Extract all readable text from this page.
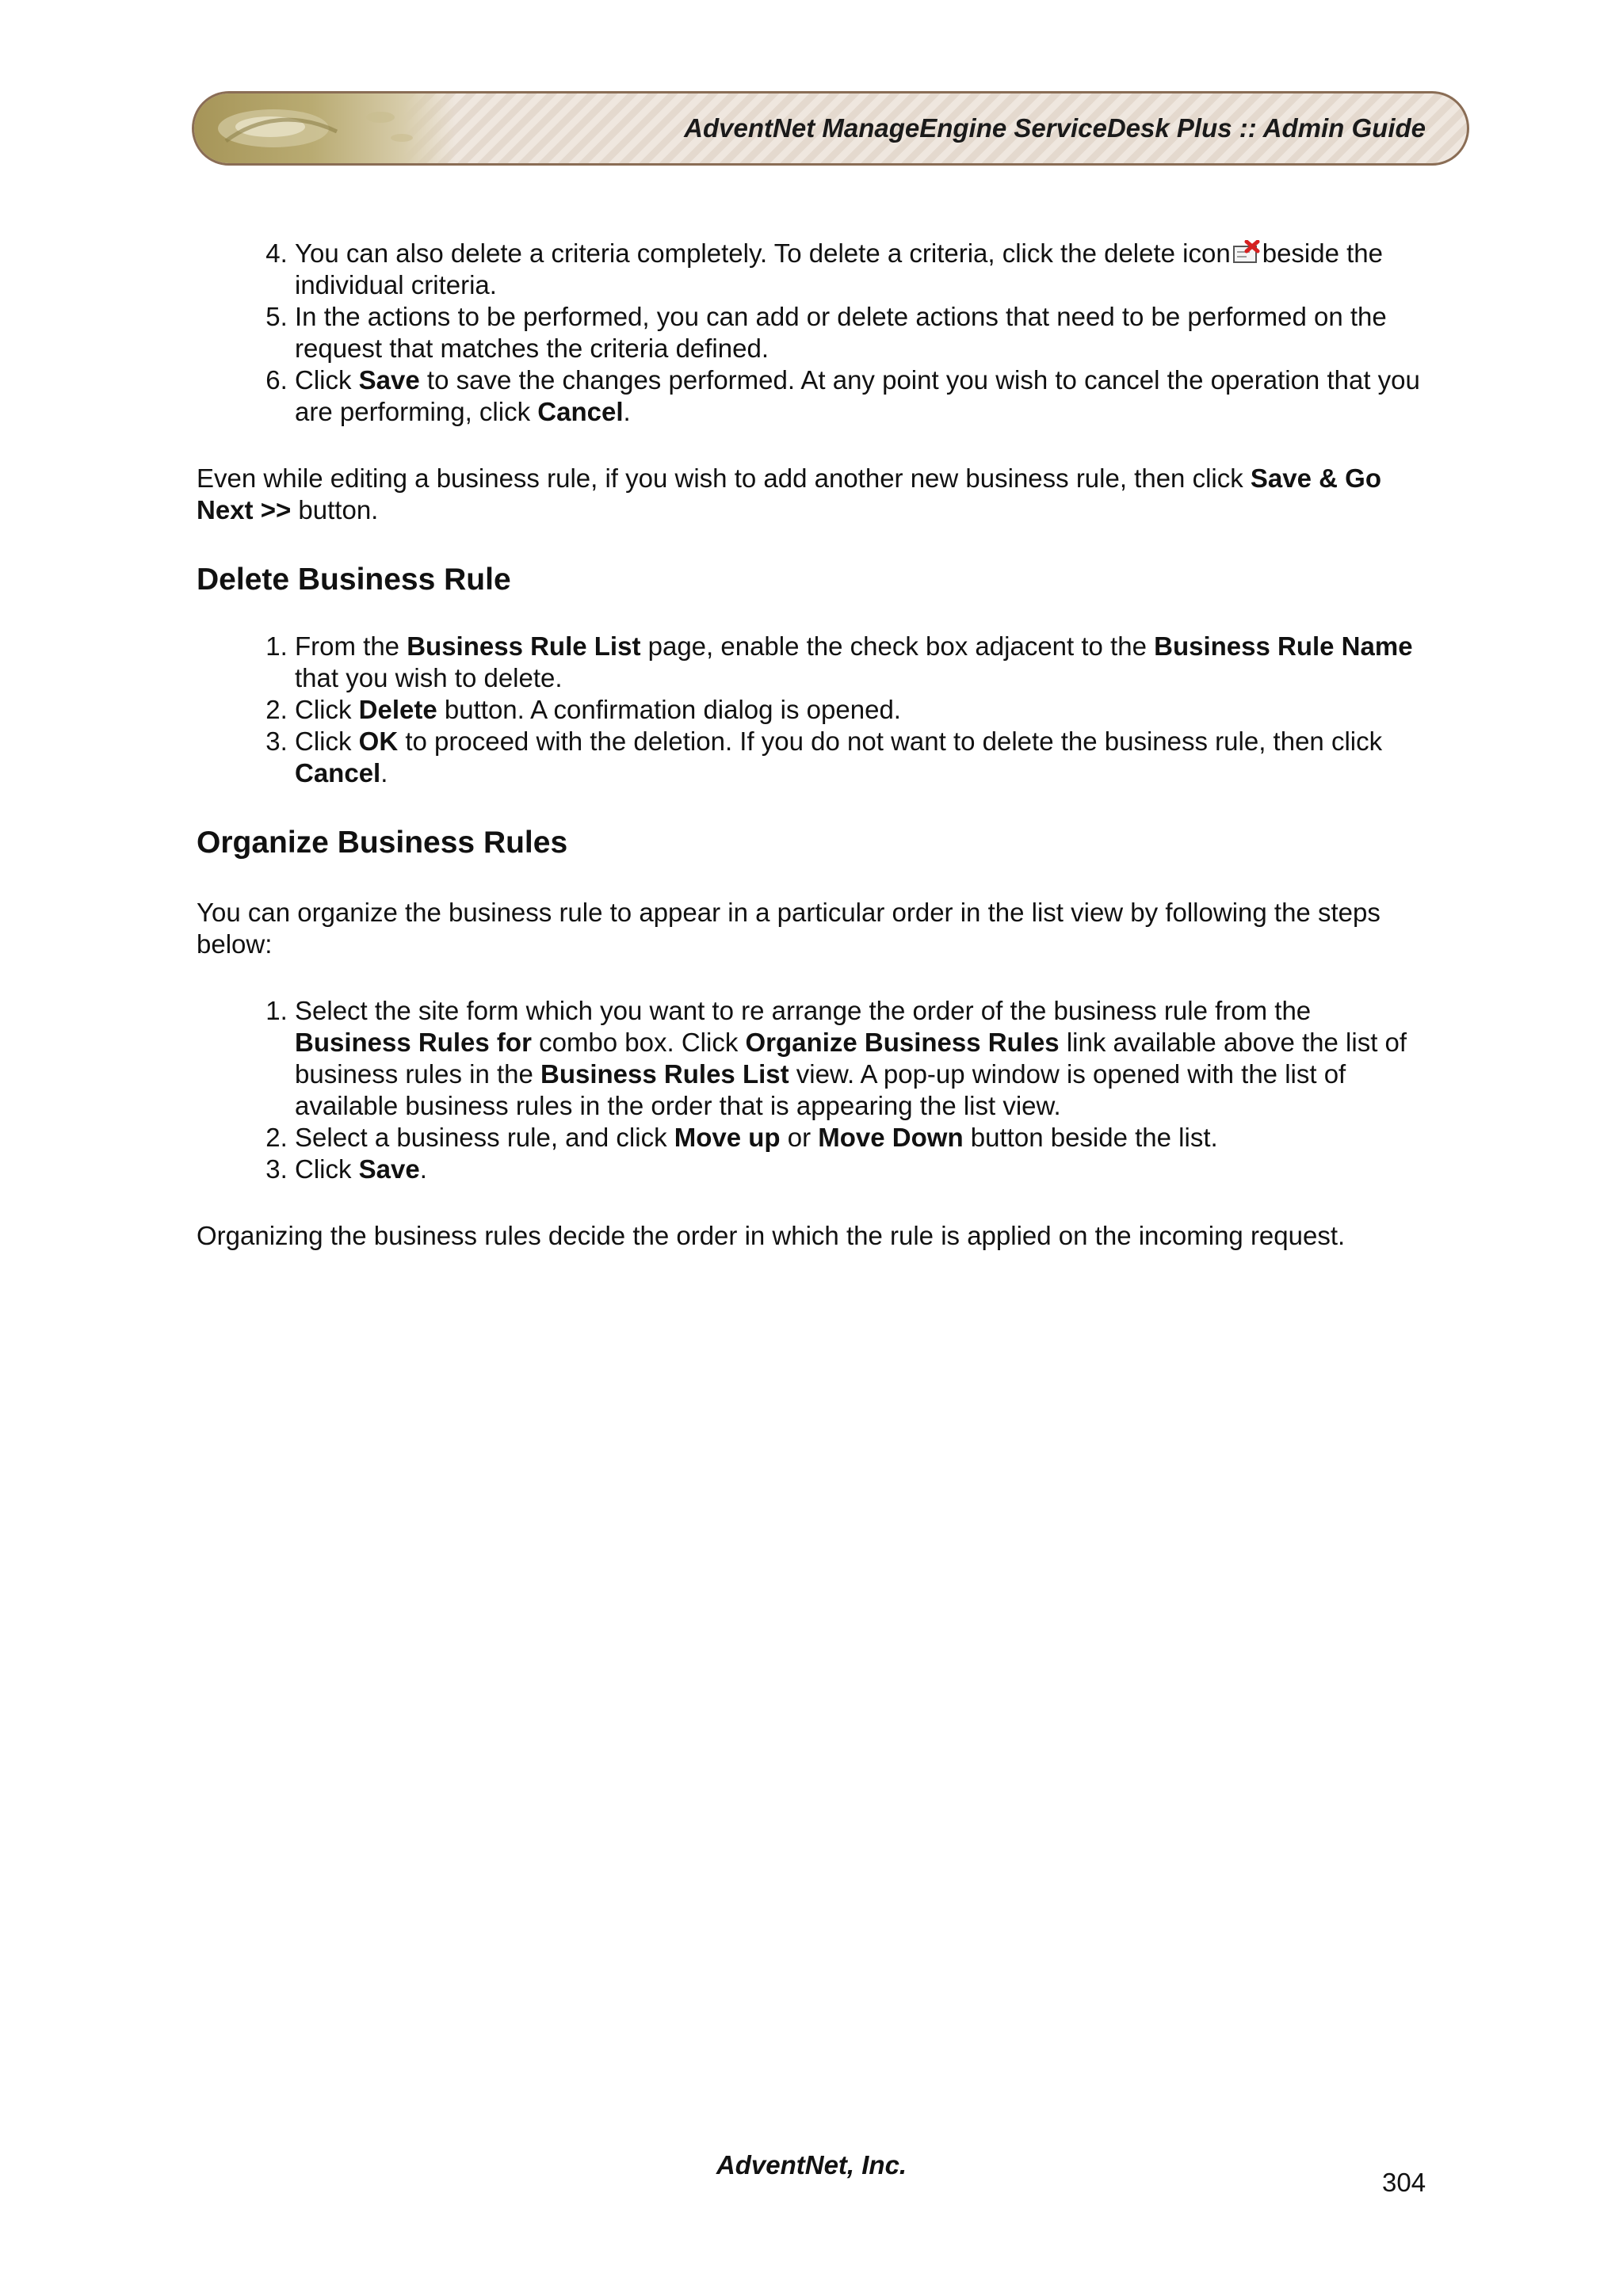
AdventNet ManageEngine ServiceDesk Plus :: Admin Guide
4. You can also delete a criteria completely. To delete a criteria, click the delete icon beside the individual criteria.
5. In the actions to be performed, you can add or delete actions that need to be performed on the request that matches the criteria defined.
6. Click Save to save the changes performed. At any point you wish to cancel the operation that you are performing, click Cancel.

Even while editing a business rule, if you wish to add another new business rule, then click Save & Go Next >> button.

Delete Business Rule
1. From the Business Rule List page, enable the check box adjacent to the Business Rule Name that you wish to delete.
2. Click Delete button. A confirmation dialog is opened.
3. Click OK to proceed with the deletion. If you do not want to delete the business rule, then click Cancel.
Organize Business Rules

You can organize the business rule to appear in a particular order in the list view by following the steps below:

1. Select the site form which you want to re arrange the order of the business rule from the Business Rules for combo box. Click Organize Business Rules link available above the list of business rules in the Business Rules List view. A pop-up window is opened with the list of available business rules in the order that is appearing the list view.
2. Select a business rule, and click Move up or Move Down button beside the list.
3. Click Save.

Organizing the business rules decide the order in which the rule is applied on the incoming request.

AdventNet, Inc.
304
